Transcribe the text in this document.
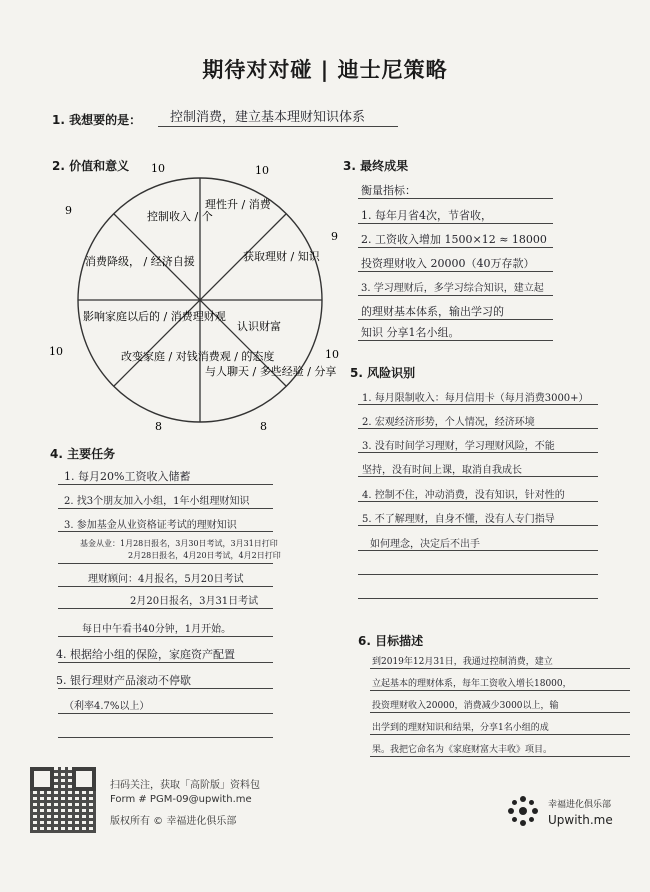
期待对对碰 | 迪士尼策略
1. 我想要的是： 控制消费，建立基本理财知识体系
2. 价值和意义 10	10
9
9
10	10
8	8
控制收入 / 个
理性升 / 消费
获取理财 / 知识
认识财富
与人聊天 / 多些经验 / 分享
改变家庭 / 对钱消费观 / 的态度
影响家庭以后的 / 消费理财观
消费降级， / 经济自援
3. 最终成果
衡量指标：
1. 每年月省4次，节省收，
2. 工资收入增加 1500×12 ≈ 18000
投资理财收入 20000（40万存款）
3. 学习理财后，多学习综合知识，建立起
的理财基本体系，输出学习的
知识 分享1名小组。
5. 风险识别
1. 每月限制收入：每月信用卡（每月消费3000+）
2. 宏观经济形势，个人情况，经济环境
3. 没有时间学习理财，学习理财风险，不能
坚持，没有时间上课，取消自我成长
4. 控制不住，冲动消费，没有知识，针对性的
5. 不了解理财，自身不懂，没有人专门指导
如何理念，决定后不出手
4. 主要任务
1. 每月20%工资收入储蓄
2. 找3个朋友加入小组，1年小组理财知识
3. 参加基金从业资格证考试的理财知识
基金从业：1月28日报名，3月30日考试，3月31日打印
2月28日报名，4月20日考试，4月2日打印
理财顾问：4月报名，5月20日考试
2月20日报名，3月31日考试
每日中午看书40分钟，1月开始。
4. 根据给小组的保险，家庭资产配置
5. 银行理财产品滚动不停歇
（利率4.7%以上）
6. 目标描述
到2019年12月31日，我通过控制消费，建立
立起基本的理财体系，每年工资收入增长18000，
投资理财收入20000，消费减少3000以上，输
出学到的理财知识和结果，分享1名小组的成
果。我把它命名为《家庭财富大丰收》项目。
扫码关注，获取「高阶版」资料包
Form # PGM-09@upwith.me
版权所有 © 幸福进化俱乐部
幸福进化俱乐部
Upwith.me
